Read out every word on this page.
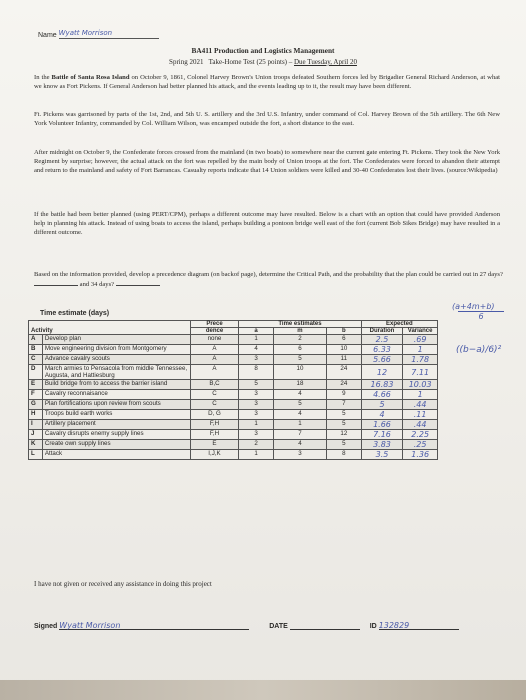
Name Wyatt Morrison
BA411 Production and Logistics Management
Spring 2021 Take-Home Test (25 points) – Due Tuesday, April 20
In the Battle of Santa Rosa Island on October 9, 1861, Colonel Harvey Brown's Union troops defeated Southern forces led by Brigadier General Richard Anderson, at what we know as Fort Pickens. If General Anderson had better planned his attack, and the events leading up to it, the result may have been different.
Ft. Pickens was garrisoned by parts of the 1st, 2nd, and 5th U. S. artillery and the 3rd U.S. Infantry, under command of Col. Harvey Brown of the 5th artillery. The 6th New York Volunteer Infantry, commanded by Col. William Wilson, was encamped outside the fort, a short distance to the east.
After midnight on October 9, the Confederate forces crossed from the mainland (in two boats) to somewhere near the current gate entering Ft. Pickens. They took the New York Regiment by surprise; however, the actual attack on the fort was repelled by the main body of Union troops at the fort. The Confederates were forced to abandon their attempt and return to the mainland and safety of Fort Barrancas. Casualty reports indicate that 14 Union soldiers were killed and 30-40 Confederates lost their lives. (source:Wikipedia)
If the battle had been better planned (using PERT/CPM), perhaps a different outcome may have resulted. Below is a chart with an option that could have provided Anderson help in planning his attack. Instead of using boats to access the island, perhaps building a pontoon bridge well east of the fort (current Bob Sikes Bridge) may have resulted in a different outcome.
Based on the information provided, develop a precedence diagram (on backof page), determine the Critical Path, and the probability that the plan could be carried out in 27 days?  and 34 days?
Time estimate (days)	$\frac{(a+4m+b)}{6}$
((b−a)/6)²
Activity		Prece	Time estimates			Expected	
		dence	a	m	b	Duration	Variance
A	Develop plan	none	1	2	6	2.5	.69
B	Move engineering division from Montgomery	A	4	6	10	6.33	1
C	Advance cavalry scouts	A	3	5	11	5.66	1.78
D	March armies to Pensacola from middle Tennessee, Augusta, and Hattiesburg	A	8	10	24	12	7.11
E	Build bridge from to access the barrier island	B,C	5	18	24	16.83	10.03
F	Cavalry reconnaisance	C	3	4	9	4.66	1
G	Plan fortifications upon review from scouts	C	3	5	7	5	.44
H	Troops build earth works	D, G	3	4	5	4	.11
I	Artillery placement	F,H	1	1	5	1.66	.44
J	Cavalry disrupts enemy supply lines	F,H	3	7	12	7.16	2.25
K	Create own supply lines	E	2	4	5	3.83	.25
L	Attack	I,J,K	1	3	8	3.5	1.36
I have not given or received any assistance in doing this project
Signed Wyatt Morrison	DATE	ID 132829
